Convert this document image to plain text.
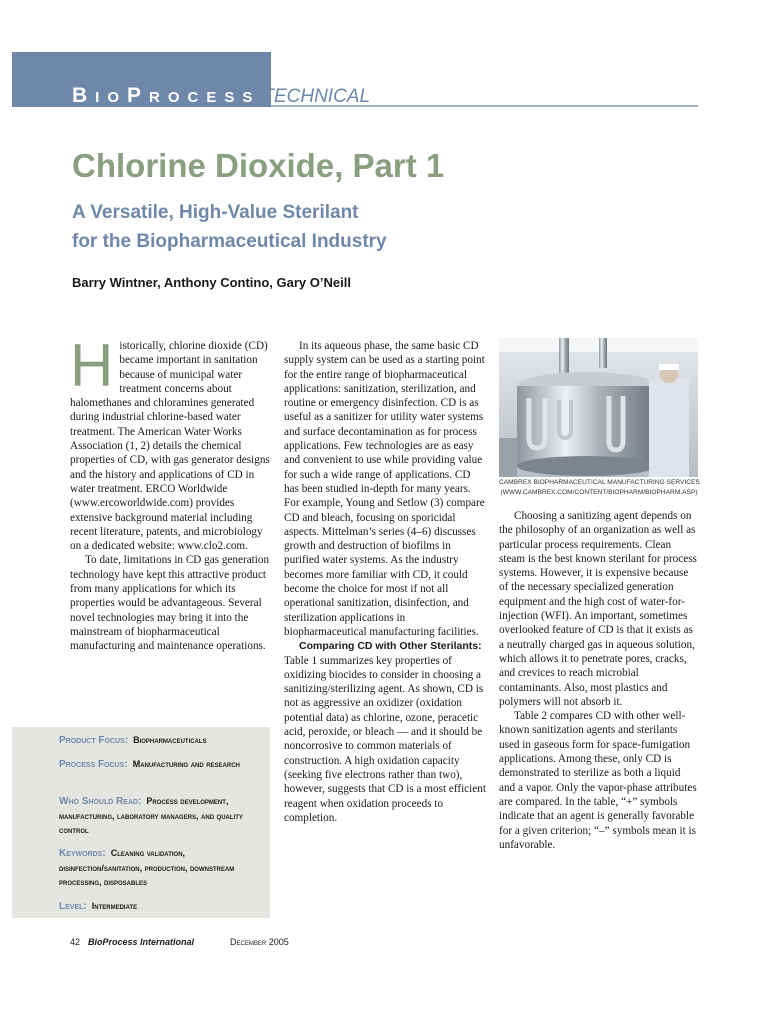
BioProcess TECHNICAL
Chlorine Dioxide, Part 1
A Versatile, High-Value Sterilant
for the Biopharmaceutical Industry

Barry Wintner, Anthony Contino, Gary O’Neill

Historically, chlorine dioxide (CD) became important in sanitation because of municipal water treatment concerns about halomethanes and chloramines generated during industrial chlorine-based water treatment. The American Water Works Association (1, 2) details the chemical properties of CD, with gas generator designs and the history and applications of CD in water treatment. ERCO Worldwide (www.ercoworldwide.com) provides extensive background material including recent literature, patents, and microbiology on a dedicated website: www.clo2.com.

To date, limitations in CD gas generation technology have kept this attractive product from many applications for which its properties would be advantageous. Several novel technologies may bring it into the mainstream of biopharmaceutical manufacturing and maintenance operations.

Product Focus: Biopharmaceuticals
Process Focus: Manufacturing and research
Who Should Read: Process development, manufacturing, laboratory managers, and quality control
Keywords: Cleaning validation, disinfection/sanitation, production, downstream processing, disposables
Level: Intermediate

In its aqueous phase, the same basic CD supply system can be used as a starting point for the entire range of biopharmaceutical applications: sanitization, sterilization, and routine or emergency disinfection. CD is as useful as a sanitizer for utility water systems and surface decontamination as for process applications. Few technologies are as easy and convenient to use while providing value for such a wide range of applications. CD has been studied in-depth for many years. For example, Young and Setlow (3) compare CD and bleach, focusing on sporicidal aspects. Mittelman’s series (4–6) discusses growth and destruction of biofilms in purified water systems. As the industry becomes more familiar with CD, it could become the choice for most if not all operational sanitization, disinfection, and sterilization applications in biopharmaceutical manufacturing facilities.

Comparing CD with Other Sterilants: Table 1 summarizes key properties of oxidizing biocides to consider in choosing a sanitizing/sterilizing agent. As shown, CD is not as aggressive an oxidizer (oxidation potential data) as chlorine, ozone, peracetic acid, peroxide, or bleach — and it should be noncorrosive to common materials of construction. A high oxidation capacity (seeking five electrons rather than two), however, suggests that CD is a most efficient reagent when oxidation proceeds to completion.

CAMBREX BIOPHARMACEUTICAL MANUFACTURING SERVICES
(WWW.CAMBREX.COM/CONTENT/BIOPHARM/BIOPHARM.ASP)

Choosing a sanitizing agent depends on the philosophy of an organization as well as particular process requirements. Clean steam is the best known sterilant for process systems. However, it is expensive because of the necessary specialized generation equipment and the high cost of water-for-injection (WFI). An important, sometimes overlooked feature of CD is that it exists as a neutrally charged gas in aqueous solution, which allows it to penetrate pores, cracks, and crevices to reach microbial contaminants. Also, most plastics and polymers will not absorb it.

Table 2 compares CD with other well-known sanitization agents and sterilants used in gaseous form for space-fumigation applications. Among these, only CD is demonstrated to sterilize as both a liquid and a vapor. Only the vapor-phase attributes are compared. In the table, “+” symbols indicate that an agent is generally favorable for a given criterion; “–” symbols mean it is unfavorable.

42 BioProcess International	December 2005
